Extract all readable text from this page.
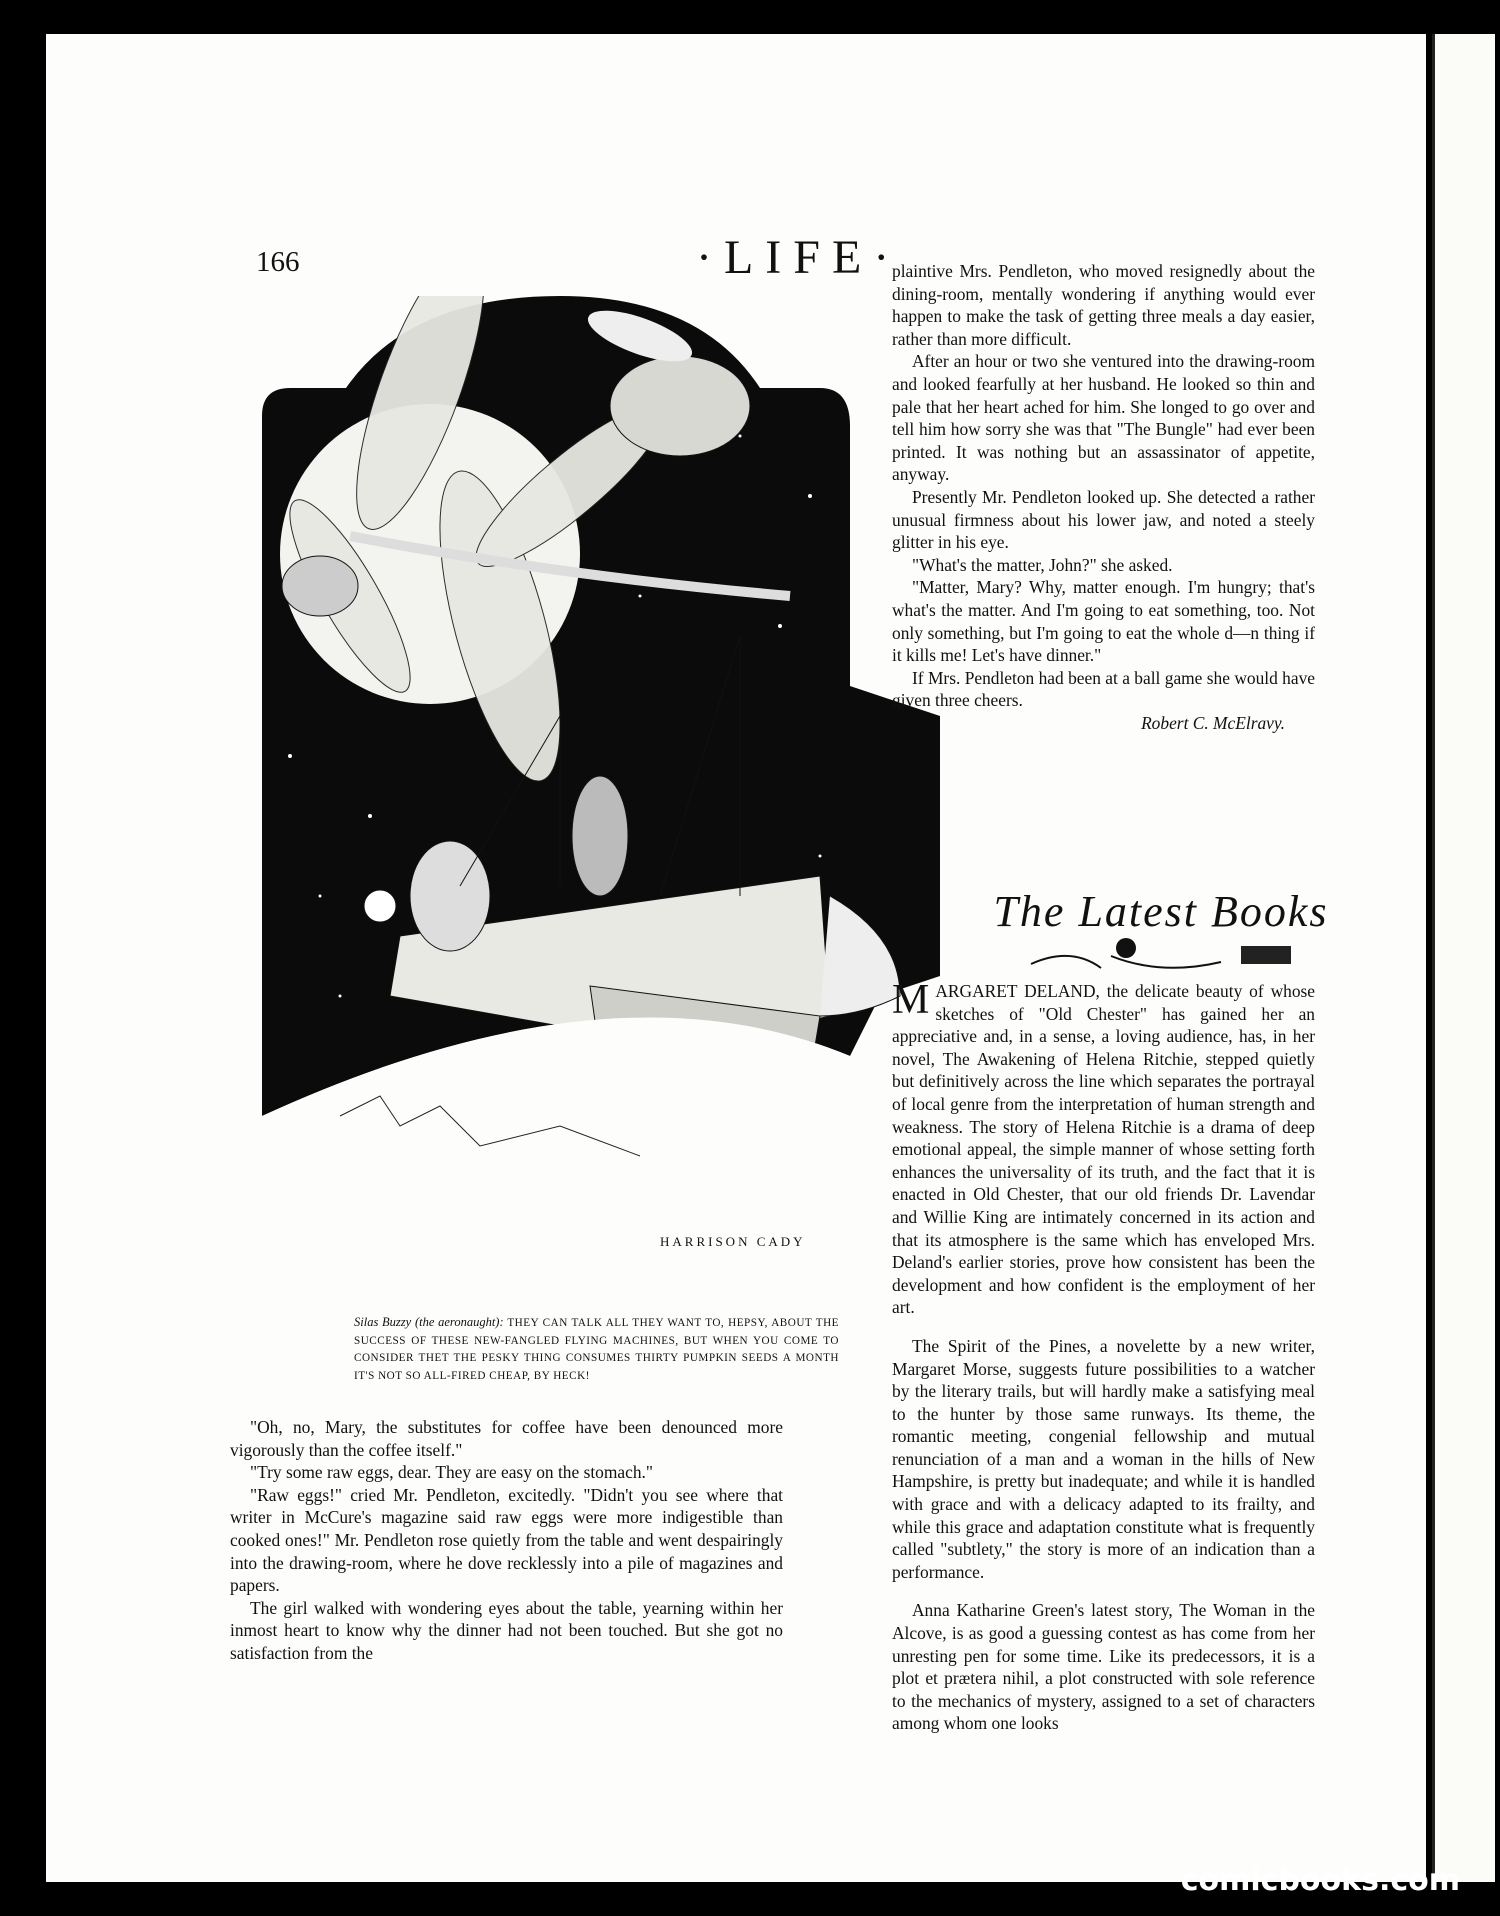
166	·LIFE·
HARRISON CADY
Silas Buzzy (the aeronaught): THEY CAN TALK ALL THEY WANT TO, HEPSY, ABOUT THE SUCCESS OF THESE NEW-FANGLED FLYING MACHINES, BUT WHEN YOU COME TO CONSIDER THET THE PESKY THING CONSUMES THIRTY PUMPKIN SEEDS A MONTH IT'S NOT SO ALL-FIRED CHEAP, BY HECK!

plaintive Mrs. Pendleton, who moved resignedly about the dining-room, mentally wondering if anything would ever happen to make the task of getting three meals a day easier, rather than more difficult.

After an hour or two she ventured into the drawing-room and looked fearfully at her husband. He looked so thin and pale that her heart ached for him. She longed to go over and tell him how sorry she was that "The Bungle" had ever been printed. It was nothing but an assassinator of appetite, anyway.

Presently Mr. Pendleton looked up. She detected a rather unusual firmness about his lower jaw, and noted a steely glitter in his eye.

"What's the matter, John?" she asked.

"Matter, Mary? Why, matter enough. I'm hungry; that's what's the matter. And I'm going to eat something, too. Not only something, but I'm going to eat the whole d—n thing if it kills me! Let's have dinner."

If Mrs. Pendleton had been at a ball game she would have given three cheers.

Robert C. McElravy.
The Latest Books

MARGARET DELAND, the delicate beauty of whose sketches of "Old Chester" has gained her an appreciative and, in a sense, a loving audience, has, in her novel, The Awakening of Helena Ritchie, stepped quietly but definitively across the line which separates the portrayal of local genre from the interpretation of human strength and weakness. The story of Helena Ritchie is a drama of deep emotional appeal, the simple manner of whose setting forth enhances the universality of its truth, and the fact that it is enacted in Old Chester, that our old friends Dr. Lavendar and Willie King are intimately concerned in its action and that its atmosphere is the same which has enveloped Mrs. Deland's earlier stories, prove how consistent has been the development and how confident is the employment of her art.

The Spirit of the Pines, a novelette by a new writer, Margaret Morse, suggests future possibilities to a watcher by the literary trails, but will hardly make a satisfying meal to the hunter by those same runways. Its theme, the romantic meeting, congenial fellowship and mutual renunciation of a man and a woman in the hills of New Hampshire, is pretty but inadequate; and while it is handled with grace and with a delicacy adapted to its frailty, and while this grace and adaptation constitute what is frequently called "subtlety," the story is more of an indication than a performance.

Anna Katharine Green's latest story, The Woman in the Alcove, is as good a guessing contest as has come from her unresting pen for some time. Like its predecessors, it is a plot et prætera nihil, a plot constructed with sole reference to the mechanics of mystery, assigned to a set of characters among whom one looks

"Oh, no, Mary, the substitutes for coffee have been denounced more vigorously than the coffee itself."

"Try some raw eggs, dear. They are easy on the stomach."

"Raw eggs!" cried Mr. Pendleton, excitedly. "Didn't you see where that writer in McCure's magazine said raw eggs were more indigestible than cooked ones!" Mr. Pendleton rose quietly from the table and went despairingly into the drawing-room, where he dove recklessly into a pile of magazines and papers.

The girl walked with wondering eyes about the table, yearning within her inmost heart to know why the dinner had not been touched. But she got no satisfaction from the

comicbooks.com
